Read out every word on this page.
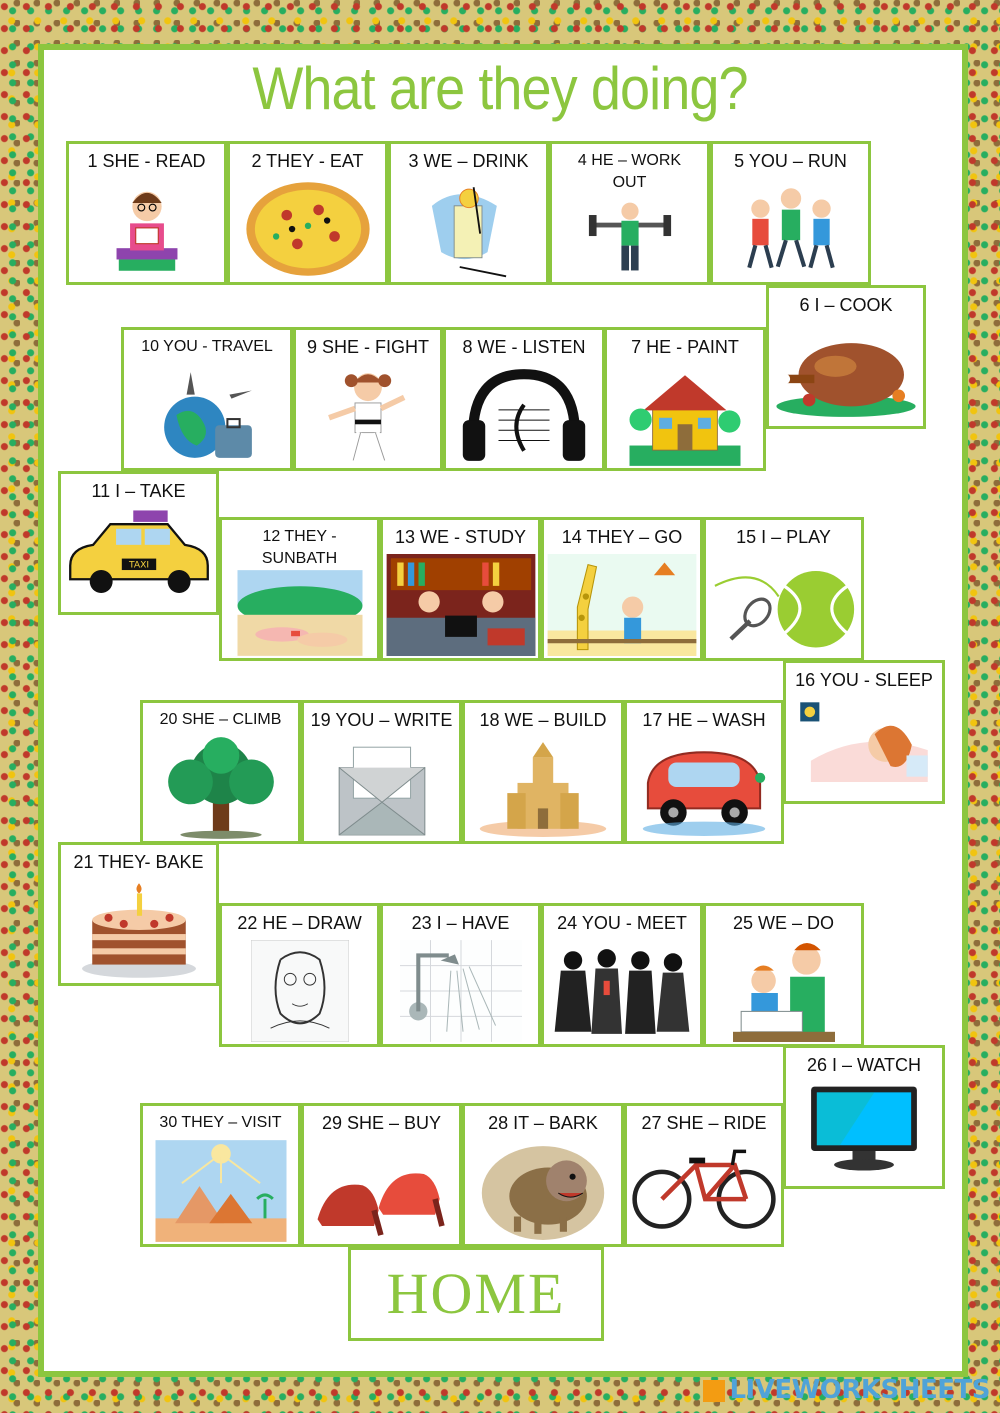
What are they doing?
1 SHE - READ	2 THEY - EAT	3 WE – DRINK	4 HE – WORK OUT
5 YOU – RUN
6 I – COOK
7 HE - PAINT
8 WE - LISTEN
9 SHE - FIGHT
10 YOU - TRAVEL
11 I – TAKE
TAXI
12 THEY - SUNBATH
13 WE - STUDY	14 THEY – GO	15 I – PLAY
16 YOU - SLEEP
17 HE – WASH
18 WE – BUILD
19 YOU – WRITE
20 SHE – CLIMB
21 THEY- BAKE
22 HE – DRAW	23 I – HAVE	24 YOU - MEET	25 WE – DO
26 I – WATCH
27 SHE – RIDE
28 IT – BARK
29 SHE – BUY
30 THEY – VISIT
HOME
LIVEWORKSHEETS
